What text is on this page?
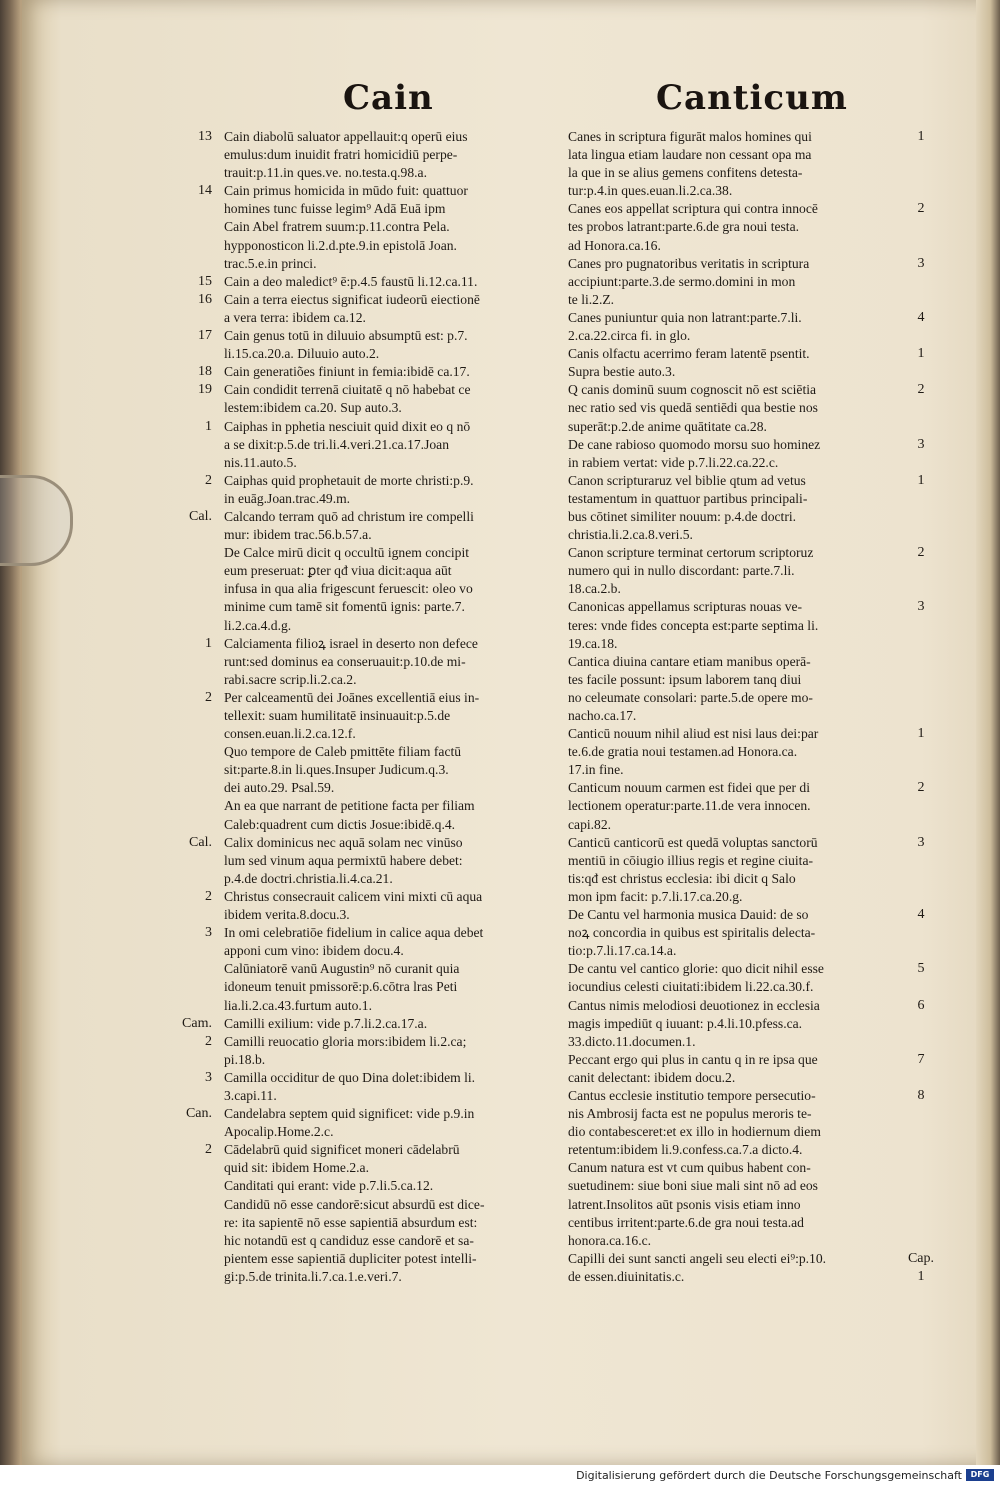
Cain	Canticum
13 Cain diabolū saluator appellauit:q operū eius
emulus:dum inuidit fratri homicidiū perpe-
trauit:p.11.in ques.ve. no.testa.q.98.a.
14 Cain primus homicida in mūdo fuit: quattuor
homines tunc fuisse legim⁹ Adā Euā ipm
Cain Abel fratrem suum:p.11.contra Pela.
hypponosticon li.2.d.pte.9.in epistolā Joan.
trac.5.e.in princi.
15 Cain a deo maledict⁹ ē:p.4.5 faustū li.12.ca.11.
16 Cain a terra eiectus significat iudeorū eiectionē
a vera terra: ibidem ca.12.
17 Cain genus totū in diluuio absumptū est: p.7.
li.15.ca.20.a. Diluuio auto.2.
18 Cain generatiões finiunt in femia:ibidē ca.17.
19 Cain condidit terrenā ciuitatē q nō habebat ce
lestem:ibidem ca.20. Sup auto.3.
1 Caiphas in pphetia nesciuit quid dixit eo q nō
a se dixit:p.5.de tri.li.4.veri.21.ca.17.Joan
nis.11.auto.5.
2 Caiphas quid prophetauit de morte christi:p.9.
in euāg.Joan.trac.49.m.
Cal. Calcando terram quō ad christum ire compelli
mur: ibidem trac.56.b.57.a.
De Calce mirū dicit q occultū ignem concipit
eum preseruat: ꝑter qđ viua dicit:aqua aūt
infusa in qua alia frigescunt feruescit: oleo vo
minime cum tamē sit fomentū ignis: parte.7.
li.2.ca.4.d.g.
1 Calciamenta filioꝝ israel in deserto non defece
runt:sed dominus ea conseruauit:p.10.de mi-
rabi.sacre scrip.li.2.ca.2.
2 Per calceamentū dei Joānes excellentiā eius in-
tellexit: suam humilitatē insinuauit:p.5.de
consen.euan.li.2.ca.12.f.
Quo tempore de Caleb pmittēte filiam factū
sit:parte.8.in li.ques.Insuper Judicum.q.3.
dei auto.29. Psal.59.
An ea que narrant de petitione facta per filiam
Caleb:quadrent cum dictis Josue:ibidē.q.4.
Cal. Calix dominicus nec aquā solam nec vinūso
lum sed vinum aqua permixtū habere debet:
p.4.de doctri.christia.li.4.ca.21.
2 Christus consecrauit calicem vini mixti cū aqua
ibidem verita.8.docu.3.
3 In omi celebratiōe fidelium in calice aqua debet
apponi cum vino: ibidem docu.4.
Calūniatorē vanū Augustin⁹ nō curanit quia
idoneum tenuit pmissorē:p.6.cōtra lras Peti
lia.li.2.ca.43.furtum auto.1.
Cam. Camilli exilium: vide p.7.li.2.ca.17.a.
2 Camilli reuocatio gloria mors:ibidem li.2.ca;
pi.18.b.
3 Camilla occiditur de quo Dina dolet:ibidem li.
3.capi.11.
Can. Candelabra septem quid significet: vide p.9.in
Apocalip.Home.2.c.
2 Cādelabrū quid significet moneri cādelabrū
quid sit: ibidem Home.2.a.
Canditati qui erant: vide p.7.li.5.ca.12.
Candidū nō esse candorē:sicut absurdū est dice-
re: ita sapientē nō esse sapientiā absurdum est:
hic notandū est q candiduz esse candorē et sa-
pientem esse sapientiā dupliciter potest intelli-
gi:p.5.de trinita.li.7.ca.1.e.veri.7.
1
Canes in scriptura figurāt malos homines qui
lata lingua etiam laudare non cessant opa ma
la que in se alius gemens confitens detesta-
tur:p.4.in ques.euan.li.2.ca.38.
2
Canes eos appellat scriptura qui contra innocē
tes probos latrant:parte.6.de gra noui testa.
ad Honora.ca.16.
3
Canes pro pugnatoribus veritatis in scriptura
accipiunt:parte.3.de sermo.domini in mon
te li.2.Z.
4
Canes puniuntur quia non latrant:parte.7.li.
2.ca.22.circa fi. in glo.
1
Canis olfactu acerrimo feram latentē psentit.
Supra bestie auto.3.
2
Q canis dominū suum cognoscit nō est sciētia
nec ratio sed vis quedā sentiēdi qua bestie nos
superāt:p.2.de anime quātitate ca.28.
3
De cane rabioso quomodo morsu suo hominez
in rabiem vertat: vide p.7.li.22.ca.22.c.
1
Canon scripturaruz vel biblie qtum ad vetus
testamentum in quattuor partibus principali-
bus cōtinet similiter nouum: p.4.de doctri.
christia.li.2.ca.8.veri.5.
2
Canon scripture terminat certorum scriptoruz
numero qui in nullo discordant: parte.7.li.
18.ca.2.b.
3
Canonicas appellamus scripturas nouas ve-
teres: vnde fides concepta est:parte septima li.
19.ca.18.
Cantica diuina cantare etiam manibus operā-
tes facile possunt: ipsum laborem tanq diui
no celeumate consolari: parte.5.de opere mo-
nacho.ca.17.
1
Canticū nouum nihil aliud est nisi laus dei:par
te.6.de gratia noui testamen.ad Honora.ca.
17.in fine.
2
Canticum nouum carmen est fidei que per di
lectionem operatur:parte.11.de vera innocen.
capi.82.
3
Canticū canticorū est quedā voluptas sanctorū
mentiū in cōiugio illius regis et regine ciuita-
tis:qđ est christus ecclesia: ibi dicit q Salo
mon ipm facit: p.7.li.17.ca.20.g.
4
De Cantu vel harmonia musica Dauid: de so
noꝝ concordia in quibus est spiritalis delecta-
tio:p.7.li.17.ca.14.a.
5
De cantu vel cantico glorie: quo dicit nihil esse
iocundius celesti ciuitati:ibidem li.22.ca.30.f.
6
Cantus nimis melodiosi deuotionez in ecclesia
magis impediūt q iuuant: p.4.li.10.pfess.ca.
33.dicto.11.documen.1.
7
Peccant ergo qui plus in cantu q in re ipsa que
canit delectant: ibidem docu.2.
8
Cantus ecclesie institutio tempore persecutio-
nis Ambrosij facta est ne populus meroris te-
dio contabesceret:et ex illo in hodiernum diem
retentum:ibidem li.9.confess.ca.7.a dicto.4.
Canum natura est vt cum quibus habent con-
suetudinem: siue boni siue mali sint nō ad eos
latrent.Insolitos aūt psonis visis etiam inno
centibus irritent:parte.6.de gra noui testa.ad
honora.ca.16.c.
Cap.
1
Capilli dei sunt sancti angeli seu electi ei⁹:p.10.
de essen.diuinitatis.c.
Digitalisierung gefördert durch die Deutsche Forschungsgemeinschaft	DFG
